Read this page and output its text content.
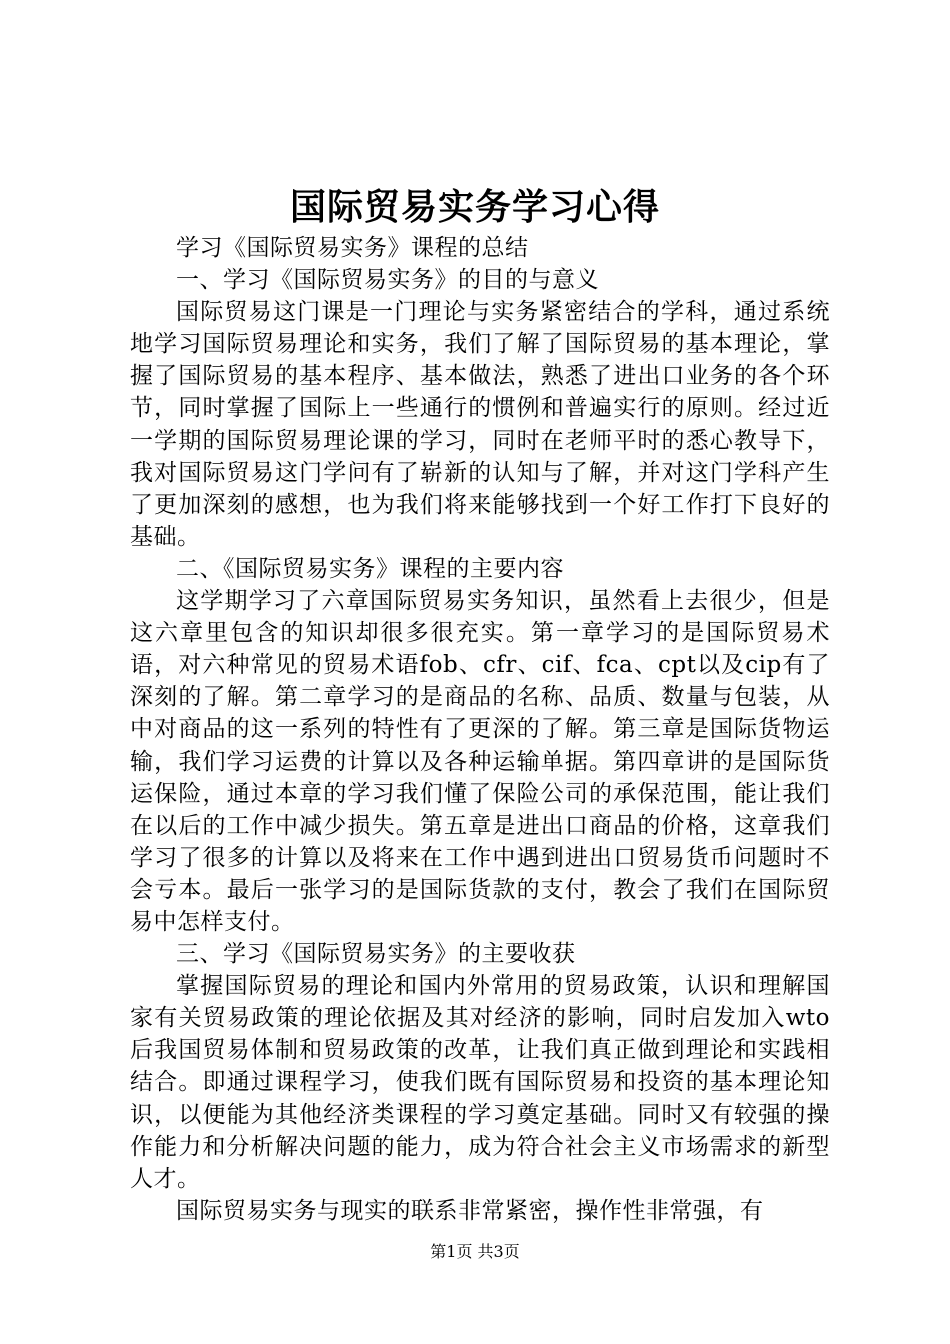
国际贸易实务学习心得

学习《国际贸易实务》课程的总结

一、学习《国际贸易实务》的目的与意义

国际贸易这门课是一门理论与实务紧密结合的学科，通过系统地学习国际贸易理论和实务，我们了解了国际贸易的基本理论，掌握了国际贸易的基本程序、基本做法，熟悉了进出口业务的各个环节，同时掌握了国际上一些通行的惯例和普遍实行的原则。经过近一学期的国际贸易理论课的学习，同时在老师平时的悉心教导下，我对国际贸易这门学问有了崭新的认知与了解，并对这门学科产生了更加深刻的感想，也为我们将来能够找到一个好工作打下良好的基础。

二、《国际贸易实务》课程的主要内容

这学期学习了六章国际贸易实务知识，虽然看上去很少，但是这六章里包含的知识却很多很充实。第一章学习的是国际贸易术语，对六种常见的贸易术语fob、cfr、cif、fca、cpt以及cip有了深刻的了解。第二章学习的是商品的名称、品质、数量与包装，从中对商品的这一系列的特性有了更深的了解。第三章是国际货物运输，我们学习运费的计算以及各种运输单据。第四章讲的是国际货运保险，通过本章的学习我们懂了保险公司的承保范围，能让我们在以后的工作中减少损失。第五章是进出口商品的价格，这章我们学习了很多的计算以及将来在工作中遇到进出口贸易货币问题时不会亏本。最后一张学习的是国际货款的支付，教会了我们在国际贸易中怎样支付。

三、学习《国际贸易实务》的主要收获

掌握国际贸易的理论和国内外常用的贸易政策，认识和理解国家有关贸易政策的理论依据及其对经济的影响，同时启发加入wto后我国贸易体制和贸易政策的改革，让我们真正做到理论和实践相结合。即通过课程学习，使我们既有国际贸易和投资的基本理论知识，以便能为其他经济类课程的学习奠定基础。同时又有较强的操作能力和分析解决问题的能力，成为符合社会主义市场需求的新型人才。

国际贸易实务与现实的联系非常紧密，操作性非常强，有

第1页 共3页
